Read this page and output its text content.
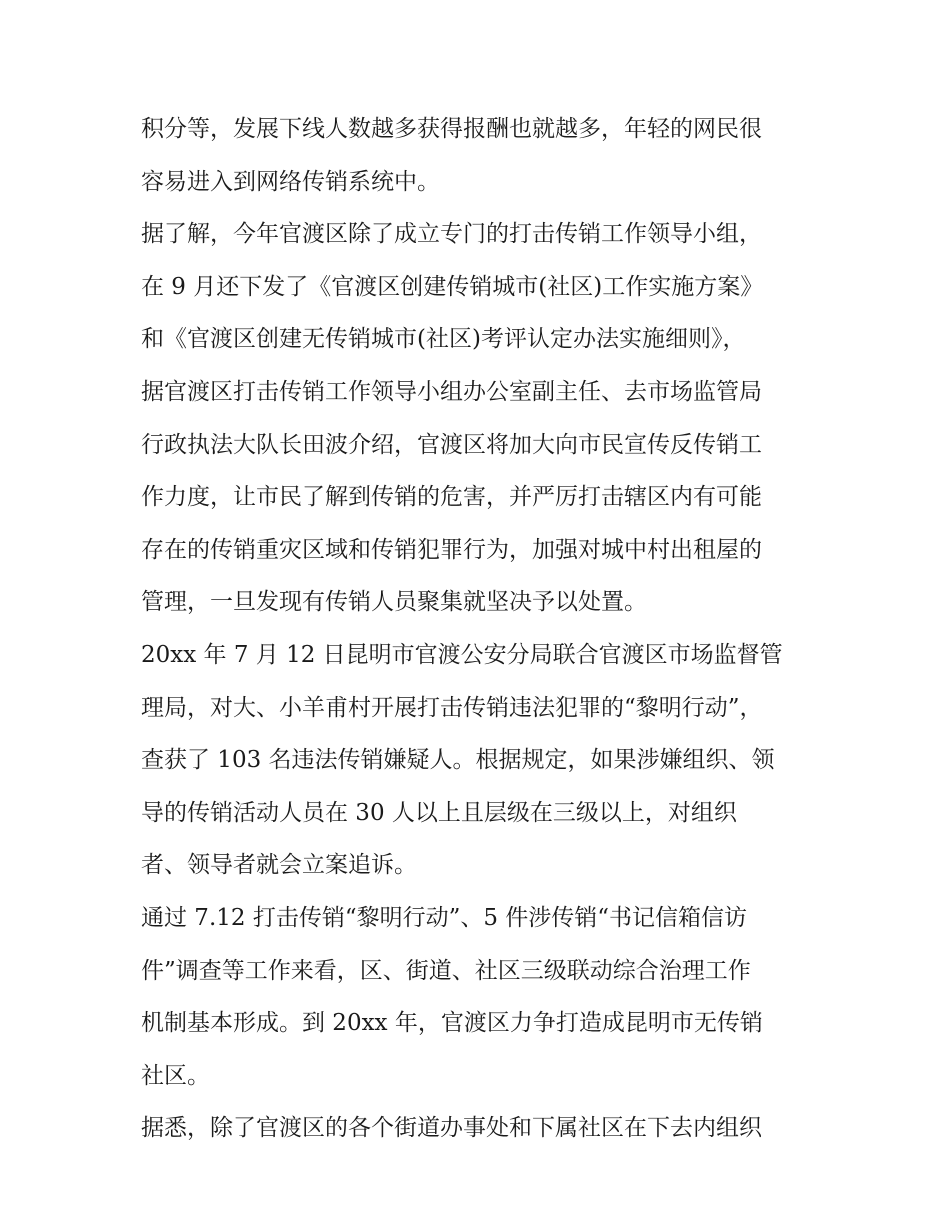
积分等，发展下线人数越多获得报酬也就越多，年轻的网民很
容易进入到网络传销系统中。
据了解，今年官渡区除了成立专门的打击传销工作领导小组，
在 9 月还下发了《官渡区创建传销城市(社区)工作实施方案》
和《官渡区创建无传销城市(社区)考评认定办法实施细则》，
据官渡区打击传销工作领导小组办公室副主任、去市场监管局
行政执法大队长田波介绍，官渡区将加大向市民宣传反传销工
作力度，让市民了解到传销的危害，并严厉打击辖区内有可能
存在的传销重灾区域和传销犯罪行为，加强对城中村出租屋的
管理，一旦发现有传销人员聚集就坚决予以处置。
20xx 年 7 月 12 日昆明市官渡公安分局联合官渡区市场监督管
理局，对大、小羊甫村开展打击传销违法犯罪的“黎明行动”，
查获了 103 名违法传销嫌疑人。根据规定，如果涉嫌组织、领
导的传销活动人员在 30 人以上且层级在三级以上，对组织
者、领导者就会立案追诉。
通过 7.12 打击传销“黎明行动”、5 件涉传销“书记信箱信访
件”调查等工作来看，区、街道、社区三级联动综合治理工作
机制基本形成。到 20xx 年，官渡区力争打造成昆明市无传销
社区。
据悉，除了官渡区的各个街道办事处和下属社区在下去内组织
